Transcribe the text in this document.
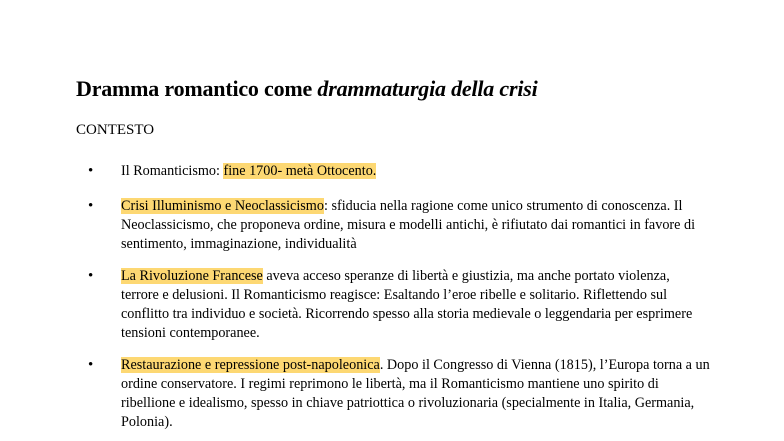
Dramma romantico come drammaturgia della crisi
CONTESTO
• Il Romanticismo: fine 1700- metà Ottocento.
• Crisi Illuminismo e Neoclassicismo: sfiducia nella ragione come unico strumento di conoscenza. Il Neoclassicismo, che proponeva ordine, misura e modelli antichi, è rifiutato dai romantici in favore di sentimento, immaginazione, individualità
• La Rivoluzione Francese aveva acceso speranze di libertà e giustizia, ma anche portato violenza, terrore e delusioni. Il Romanticismo reagisce: Esaltando l’eroe ribelle e solitario. Riflettendo sul conflitto tra individuo e società. Ricorrendo spesso alla storia medievale o leggendaria per esprimere tensioni contemporanee.
• Restaurazione e repressione post-napoleonica. Dopo il Congresso di Vienna (1815), l’Europa torna a un ordine conservatore. I regimi reprimono le libertà, ma il Romanticismo mantiene uno spirito di ribellione e idealismo, spesso in chiave patriottica o rivoluzionaria (specialmente in Italia, Germania, Polonia).
